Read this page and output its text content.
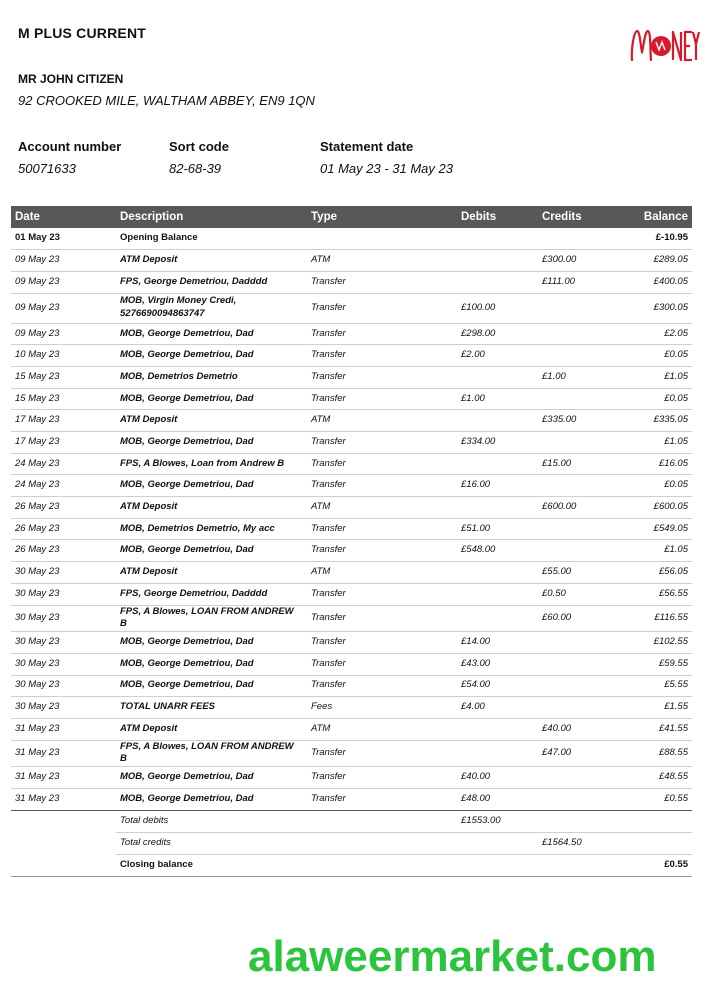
M PLUS CURRENT
MR JOHN CITIZEN
92 CROOKED MILE, WALTHAM ABBEY, EN9 1QN
Account number
50071633
Sort code
82-68-39
Statement date
01 May 23 - 31 May 23
Date	Description	Type	Debits	Credits	Balance
01 May 23	Opening Balance				£-10.95
09 May 23	ATM Deposit	ATM		£300.00	£289.05
09 May 23	FPS, George Demetriou, Dadddd	Transfer		£111.00	£400.05
09 May 23	MOB, Virgin Money Credi, 5276690094863747	Transfer	£100.00		£300.05
09 May 23	MOB, George Demetriou, Dad	Transfer	£298.00		£2.05
10 May 23	MOB, George Demetriou, Dad	Transfer	£2.00		£0.05
15 May 23	MOB, Demetrios Demetrio	Transfer		£1.00	£1.05
15 May 23	MOB, George Demetriou, Dad	Transfer	£1.00		£0.05
17 May 23	ATM Deposit	ATM		£335.00	£335.05
17 May 23	MOB, George Demetriou, Dad	Transfer	£334.00		£1.05
24 May 23	FPS, A Blowes, Loan from Andrew B	Transfer		£15.00	£16.05
24 May 23	MOB, George Demetriou, Dad	Transfer	£16.00		£0.05
26 May 23	ATM Deposit	ATM		£600.00	£600.05
26 May 23	MOB, Demetrios Demetrio, My acc	Transfer	£51.00		£549.05
26 May 23	MOB, George Demetriou, Dad	Transfer	£548.00		£1.05
30 May 23	ATM Deposit	ATM		£55.00	£56.05
30 May 23	FPS, George Demetriou, Dadddd	Transfer		£0.50	£56.55
30 May 23	FPS, A Blowes, LOAN FROM ANDREW B	Transfer		£60.00	£116.55
30 May 23	MOB, George Demetriou, Dad	Transfer	£14.00		£102.55
30 May 23	MOB, George Demetriou, Dad	Transfer	£43.00		£59.55
30 May 23	MOB, George Demetriou, Dad	Transfer	£54.00		£5.55
30 May 23	TOTAL UNARR FEES	Fees	£4.00		£1.55
31 May 23	ATM Deposit	ATM		£40.00	£41.55
31 May 23	FPS, A Blowes, LOAN FROM ANDREW B	Transfer		£47.00	£88.55
31 May 23	MOB, George Demetriou, Dad	Transfer	£40.00		£48.55
31 May 23	MOB, George Demetriou, Dad	Transfer	£48.00		£0.55
	Total debits		£1553.00		
	Total credits			£1564.50	
	Closing balance				£0.55
alaweermarket.com
